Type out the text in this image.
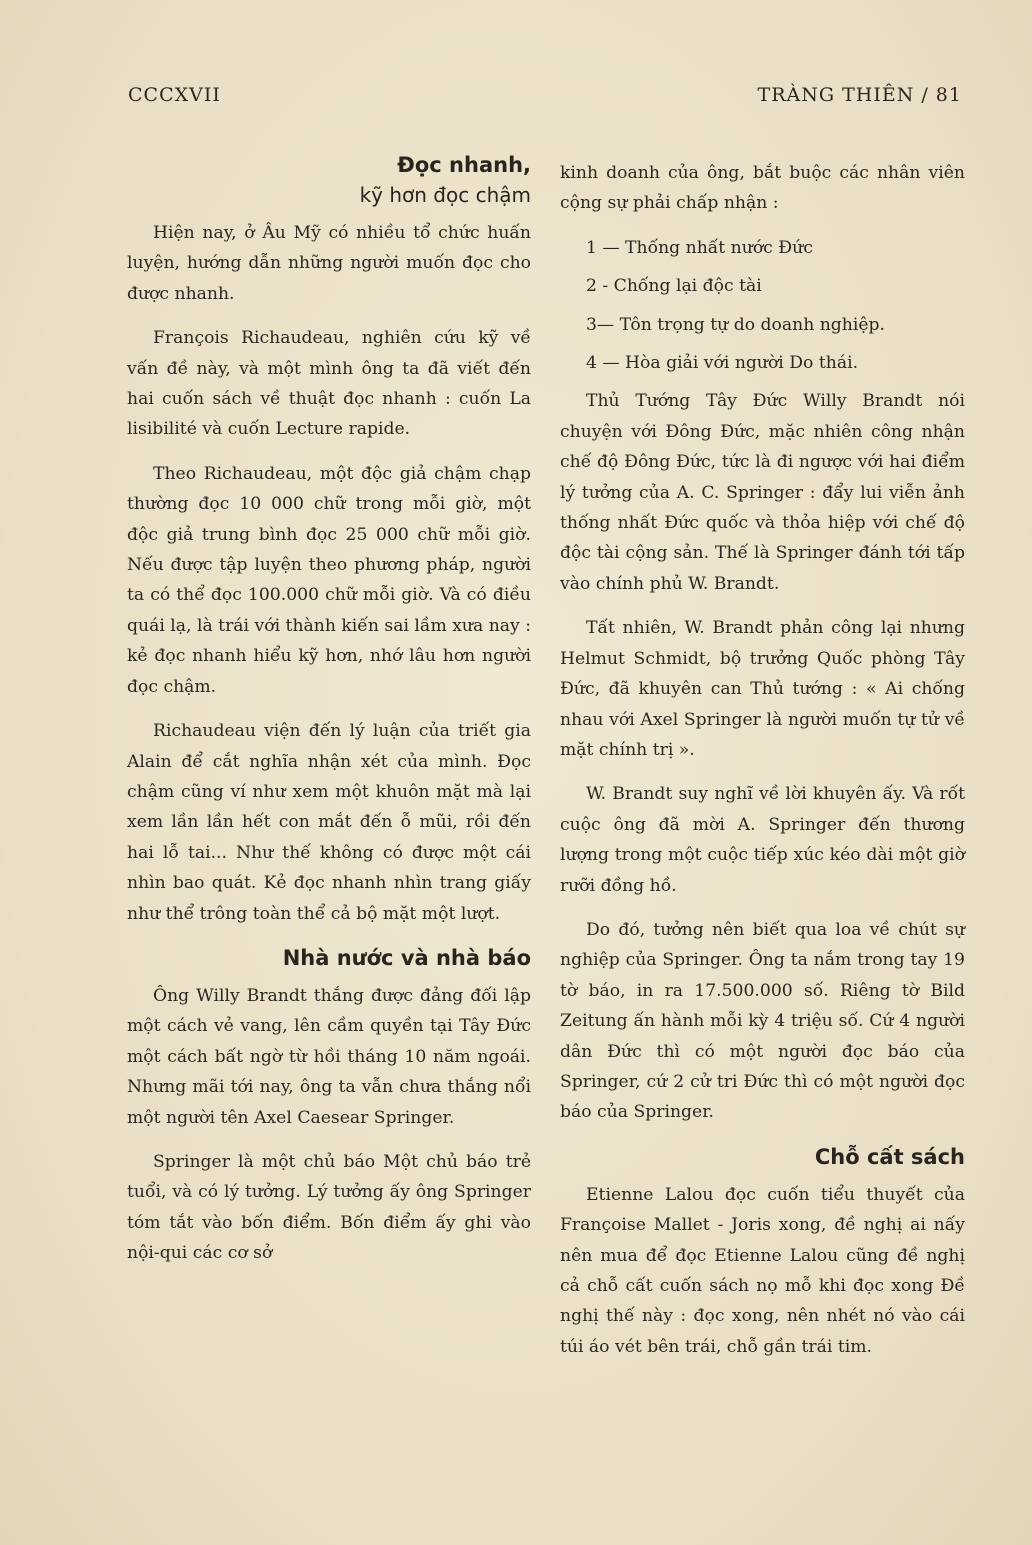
CCCXVII	TRÀNG THIÊN / 81
Đọc nhanh,
kỹ hơn đọc chậm

Hiện nay, ở Âu Mỹ có nhiều tổ chức huấn luyện, hướng dẫn những người muốn đọc cho được nhanh.

François Richaudeau, nghiên cứu kỹ về vấn đề này, và một mình ông ta đã viết đến hai cuốn sách về thuật đọc nhanh : cuốn La lisibilité và cuốn Lecture rapide.

Theo Richaudeau, một độc giả chậm chạp thường đọc 10 000 chữ trong mỗi giờ, một độc giả trung bình đọc 25 000 chữ mỗi giờ. Nếu được tập luyện theo phương pháp, người ta có thể đọc 100.000 chữ mỗi giờ. Và có điều quái lạ, là trái với thành kiến sai lầm xưa nay : kẻ đọc nhanh hiểu kỹ hơn, nhớ lâu hơn người đọc chậm.

Richaudeau viện đến lý luận của triết gia Alain để cắt nghĩa nhận xét của mình. Đọc chậm cũng ví như xem một khuôn mặt mà lại xem lần lần hết con mắt đến ỗ mũi, rồi đến hai lỗ tai... Như thế không có được một cái nhìn bao quát. Kẻ đọc nhanh nhìn trang giấy như thể trông toàn thể cả bộ mặt một lượt.

Nhà nước và nhà báo

Ông Willy Brandt thắng được đảng đối lập một cách vẻ vang, lên cầm quyền tại Tây Đức một cách bất ngờ từ hồi tháng 10 năm ngoái. Nhưng mãi tới nay, ông ta vẫn chưa thắng nổi một người tên Axel Caesear Springer.

Springer là một chủ báo Một chủ báo trẻ tuổi, và có lý tưởng. Lý tưởng ấy ông Springer tóm tắt vào bốn điểm. Bốn điểm ấy ghi vào nội-qui các cơ sở

kinh doanh của ông, bắt buộc các nhân viên cộng sự phải chấp nhận :

1 — Thống nhất nước Đức

2 - Chống lại độc tài

3— Tôn trọng tự do doanh nghiệp.

4 — Hòa giải với người Do thái.

Thủ Tướng Tây Đức Willy Brandt nói chuyện với Đông Đức, mặc nhiên công nhận chế độ Đông Đức, tức là đi ngược với hai điểm lý tưởng của A. C. Springer : đẩy lui viễn ảnh thống nhất Đức quốc và thỏa hiệp với chế độ độc tài cộng sản. Thế là Springer đánh tới tấp vào chính phủ W. Brandt.

Tất nhiên, W. Brandt phản công lại nhưng Helmut Schmidt, bộ trưởng Quốc phòng Tây Đức, đã khuyên can Thủ tướng : « Ai chống nhau với Axel Springer là người muốn tự tử về mặt chính trị ».

W. Brandt suy nghĩ về lời khuyên ấy. Và rốt cuộc ông đã mời A. Springer đến thương lượng trong một cuộc tiếp xúc kéo dài một giờ rưỡi đồng hồ.

Do đó, tưởng nên biết qua loa về chút sự nghiệp của Springer. Ông ta nắm trong tay 19 tờ báo, in ra 17.500.000 số. Riêng tờ Bild Zeitung ấn hành mỗi kỳ 4 triệu số. Cứ 4 người dân Đức thì có một người đọc báo của Springer, cứ 2 cử tri Đức thì có một người đọc báo của Springer.

Chỗ cất sách

Etienne Lalou đọc cuốn tiểu thuyết của Françoise Mallet - Joris xong, đề nghị ai nấy nên mua để đọc Etienne Lalou cũng đề nghị cả chỗ cất cuốn sách nọ mỗ khi đọc xong Đề nghị thế này : đọc xong, nên nhét nó vào cái túi áo vét bên trái, chỗ gần trái tim.
